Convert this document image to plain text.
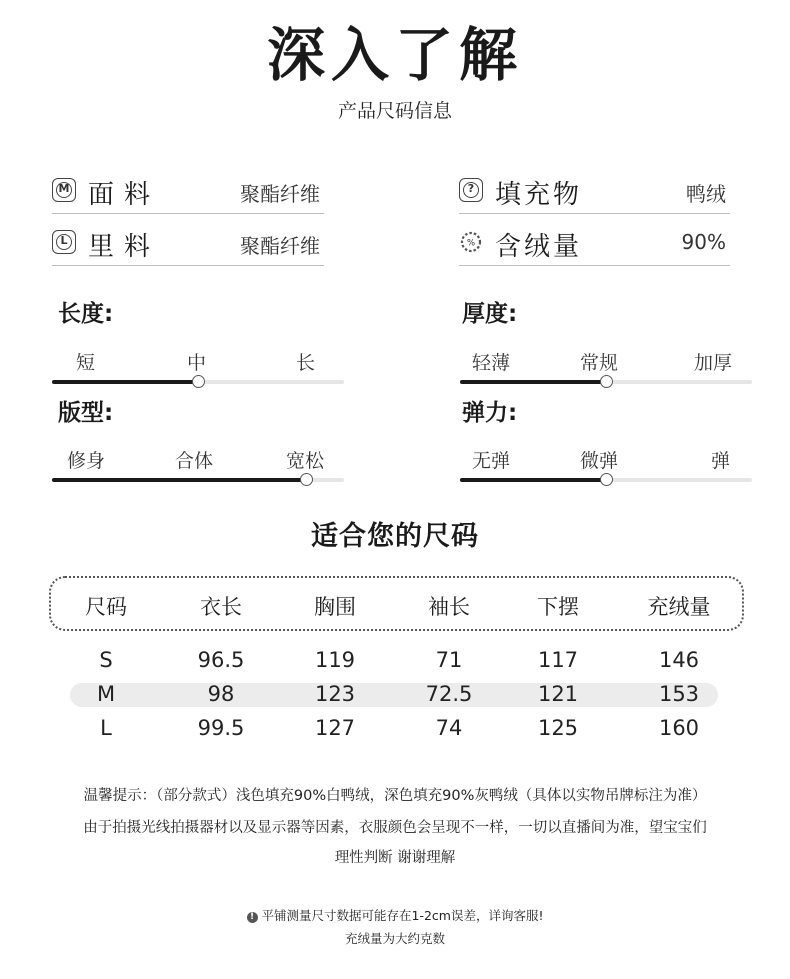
深入了解
产品尺码信息
M 面料	聚酯纤维
L 里料	聚酯纤维
? 填充物	鸭绒
% 含绒量	90%
长度:
短	中	长
厚度:
轻薄	常规	加厚
版型:
修身	合体	宽松
弹力:
无弹	微弹	弹
适合您的尺码
尺码	衣长	胸围	袖长	下摆	充绒量
S	96.5	119	71	117	146
M	98	123	72.5	121	153
L	99.5	127	74	125	160
温馨提示：（部分款式）浅色填充90%白鸭绒，深色填充90%灰鸭绒（具体以实物吊牌标注为准）
由于拍摄光线拍摄器材以及显示器等因素，衣服颜色会呈现不一样，一切以直播间为准，望宝宝们
理性判断 谢谢理解
! 平铺测量尺寸数据可能存在1-2cm误差，详询客服!
充绒量为大约克数
